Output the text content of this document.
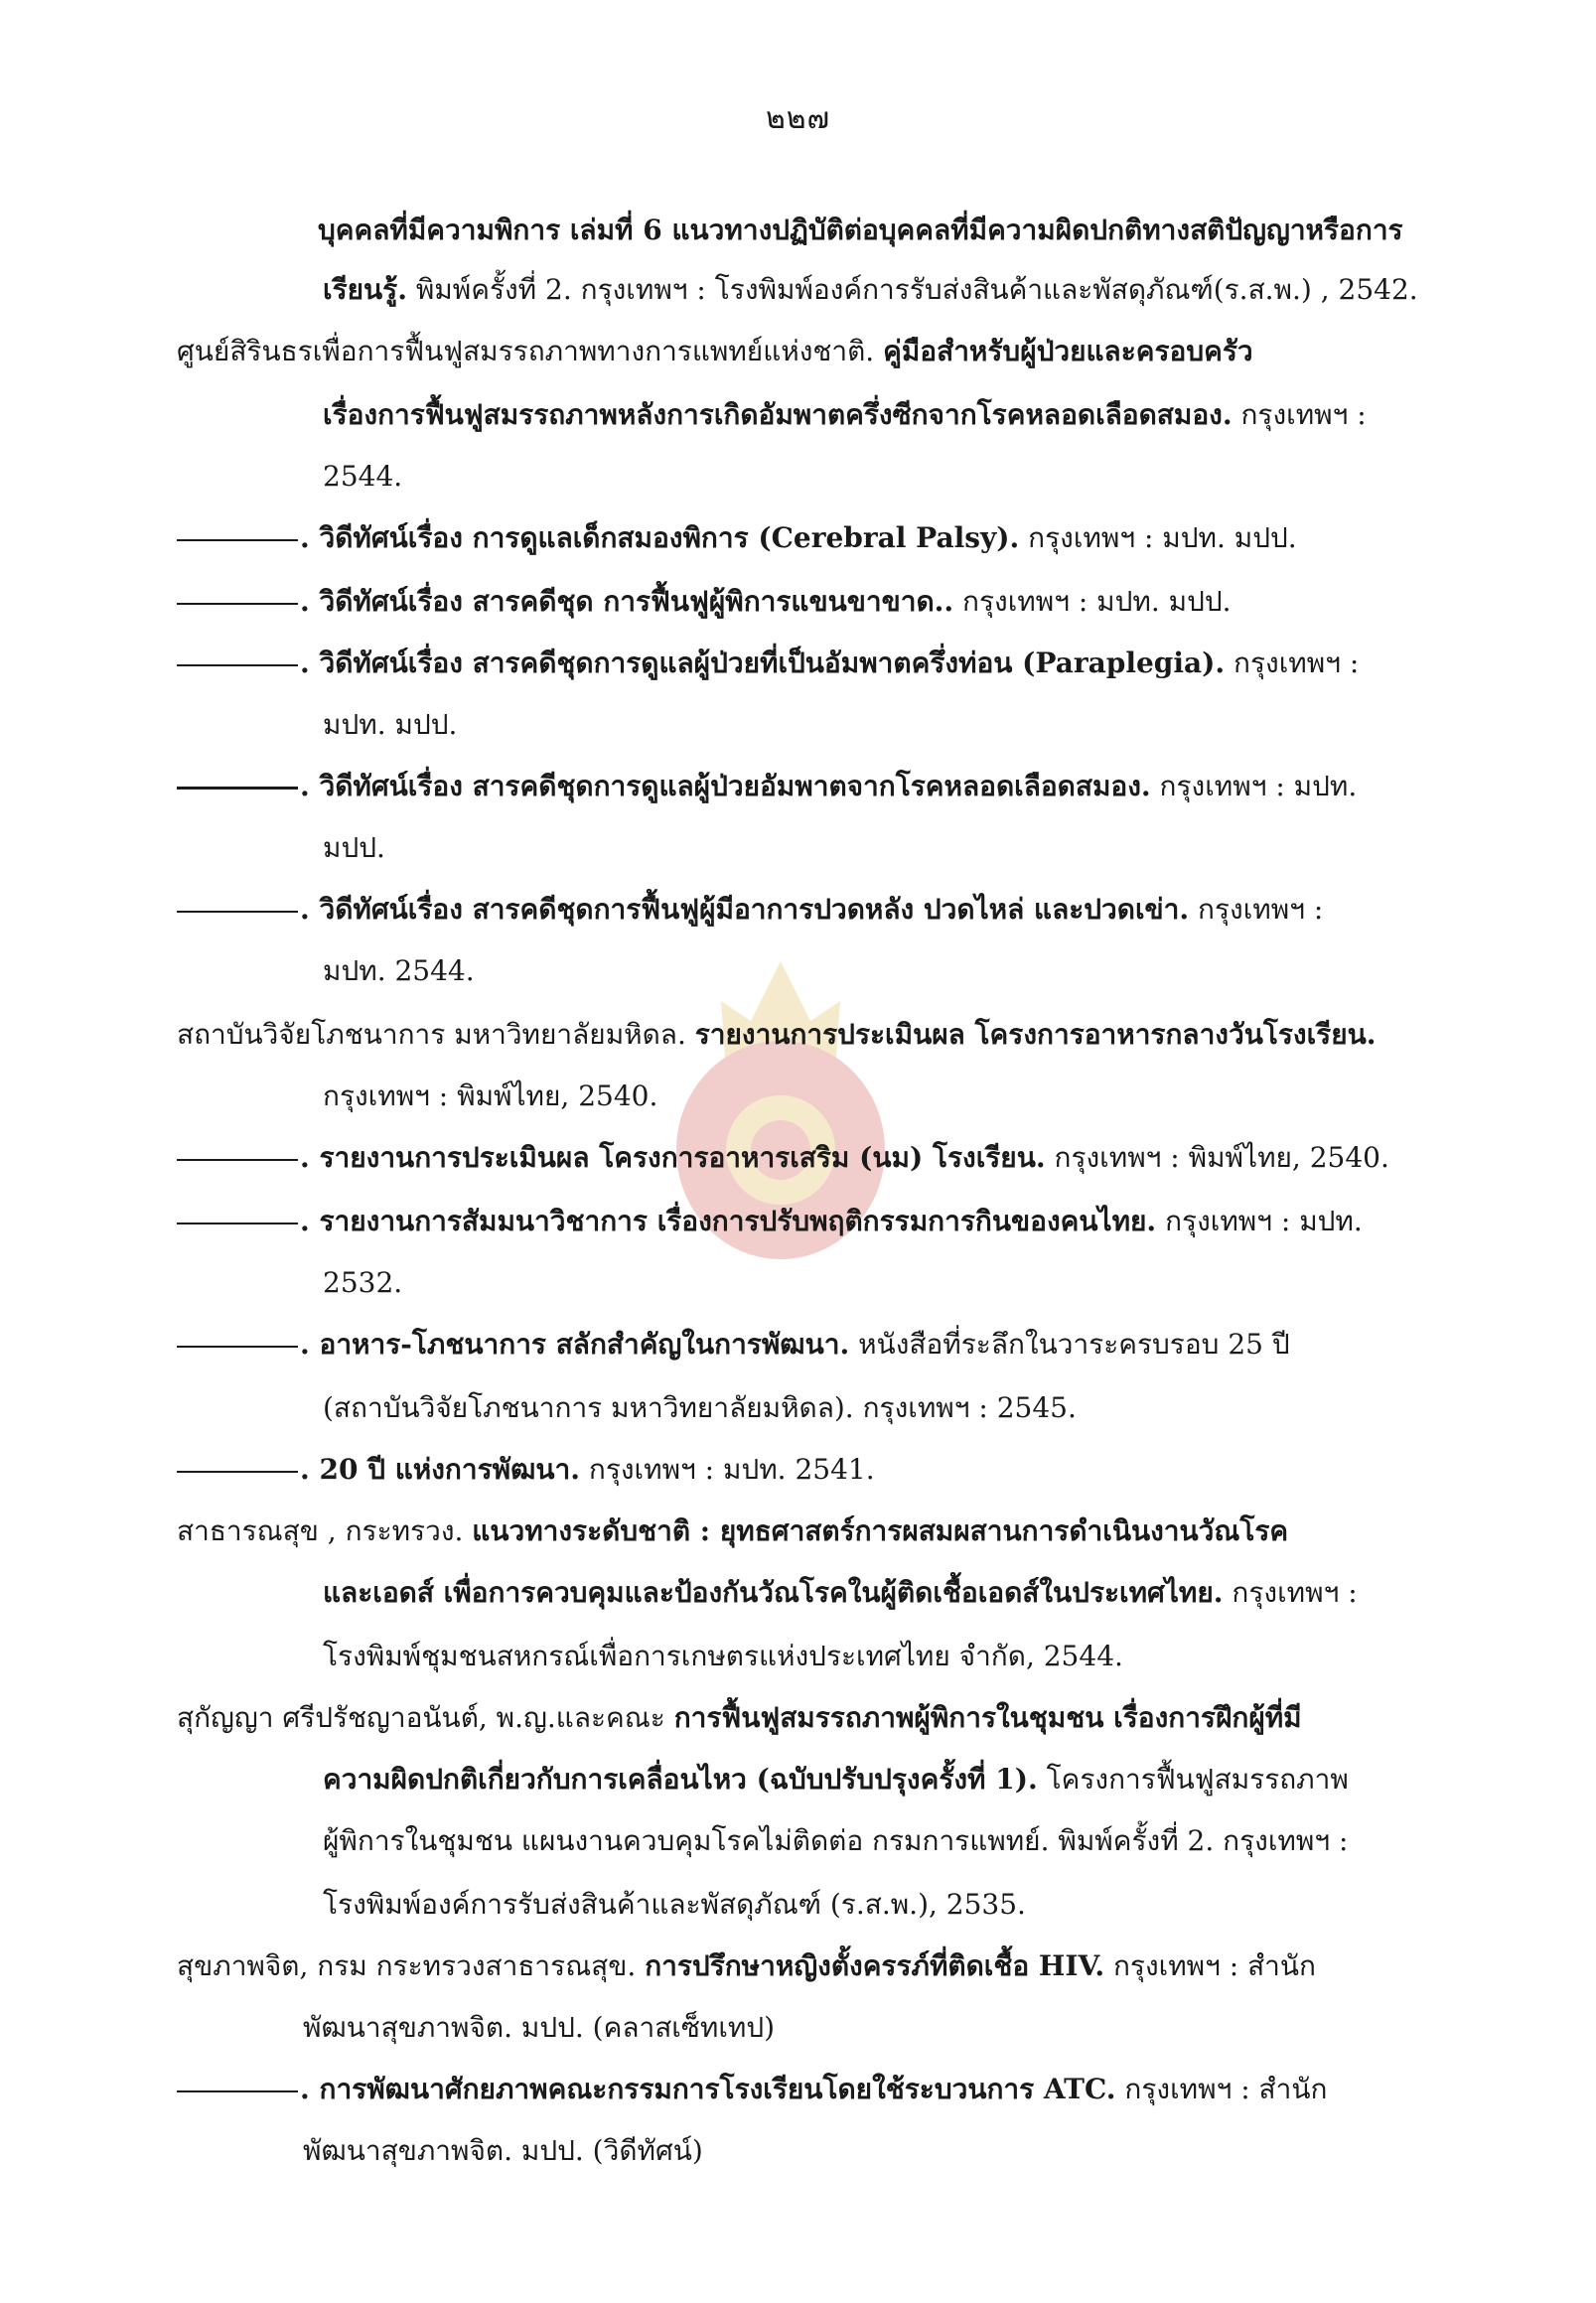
๒๒๗
บุคคลที่มีความพิการ เล่มที่ 6 แนวทางปฏิบัติต่อบุคคลที่มีความผิดปกติทางสติปัญญาหรือการ
เรียนรู้. พิมพ์ครั้งที่ 2. กรุงเทพฯ : โรงพิมพ์องค์การรับส่งสินค้าและพัสดุภัณฑ์(ร.ส.พ.) , 2542.
ศูนย์สิรินธรเพื่อการฟื้นฟูสมรรถภาพทางการแพทย์แห่งชาติ. คู่มือสำหรับผู้ป่วยและครอบครัว
เรื่องการฟื้นฟูสมรรถภาพหลังการเกิดอัมพาตครึ่งซีกจากโรคหลอดเลือดสมอง. กรุงเทพฯ :
2544.
. วิดีทัศน์เรื่อง การดูแลเด็กสมองพิการ (Cerebral Palsy). กรุงเทพฯ : มปท. มปป.
. วิดีทัศน์เรื่อง สารคดีชุด การฟื้นฟูผู้พิการแขนขาขาด.. กรุงเทพฯ : มปท. มปป.
. วิดีทัศน์เรื่อง สารคดีชุดการดูแลผู้ป่วยที่เป็นอัมพาตครึ่งท่อน (Paraplegia). กรุงเทพฯ :
มปท. มปป.
. วิดีทัศน์เรื่อง สารคดีชุดการดูแลผู้ป่วยอัมพาตจากโรคหลอดเลือดสมอง. กรุงเทพฯ : มปท.
มปป.
. วิดีทัศน์เรื่อง สารคดีชุดการฟื้นฟูผู้มีอาการปวดหลัง ปวดไหล่ และปวดเข่า. กรุงเทพฯ :
มปท. 2544.
สถาบันวิจัยโภชนาการ มหาวิทยาลัยมหิดล. รายงานการประเมินผล โครงการอาหารกลางวันโรงเรียน.
กรุงเทพฯ : พิมพ์ไทย, 2540.
. รายงานการประเมินผล โครงการอาหารเสริม (นม) โรงเรียน. กรุงเทพฯ : พิมพ์ไทย, 2540.
. รายงานการสัมมนาวิชาการ เรื่องการปรับพฤติกรรมการกินของคนไทย. กรุงเทพฯ : มปท.
2532.
. อาหาร-โภชนาการ สลักสำคัญในการพัฒนา. หนังสือที่ระลึกในวาระครบรอบ 25 ปี
(สถาบันวิจัยโภชนาการ มหาวิทยาลัยมหิดล). กรุงเทพฯ : 2545.
. 20 ปี แห่งการพัฒนา. กรุงเทพฯ : มปท. 2541.
สาธารณสุข , กระทรวง. แนวทางระดับชาติ : ยุทธศาสตร์การผสมผสานการดำเนินงานวัณโรค
และเอดส์ เพื่อการควบคุมและป้องกันวัณโรคในผู้ติดเชื้อเอดส์ในประเทศไทย. กรุงเทพฯ :
โรงพิมพ์ชุมชนสหกรณ์เพื่อการเกษตรแห่งประเทศไทย จำกัด, 2544.
สุกัญญา ศรีปรัชญาอนันต์, พ.ญ.และคณะ การฟื้นฟูสมรรถภาพผู้พิการในชุมชน เรื่องการฝึกผู้ที่มี
ความผิดปกติเกี่ยวกับการเคลื่อนไหว (ฉบับปรับปรุงครั้งที่ 1). โครงการฟื้นฟูสมรรถภาพ
ผู้พิการในชุมชน แผนงานควบคุมโรคไม่ติดต่อ กรมการแพทย์. พิมพ์ครั้งที่ 2. กรุงเทพฯ :
โรงพิมพ์องค์การรับส่งสินค้าและพัสดุภัณฑ์ (ร.ส.พ.), 2535.
สุขภาพจิต, กรม กระทรวงสาธารณสุข. การปรึกษาหญิงตั้งครรภ์ที่ติดเชื้อ HIV. กรุงเทพฯ : สำนัก
พัฒนาสุขภาพจิต. มปป. (คลาสเซ็ทเทป)
. การพัฒนาศักยภาพคณะกรรมการโรงเรียนโดยใช้ระบวนการ ATC. กรุงเทพฯ : สำนัก
พัฒนาสุขภาพจิต. มปป. (วิดีทัศน์)
